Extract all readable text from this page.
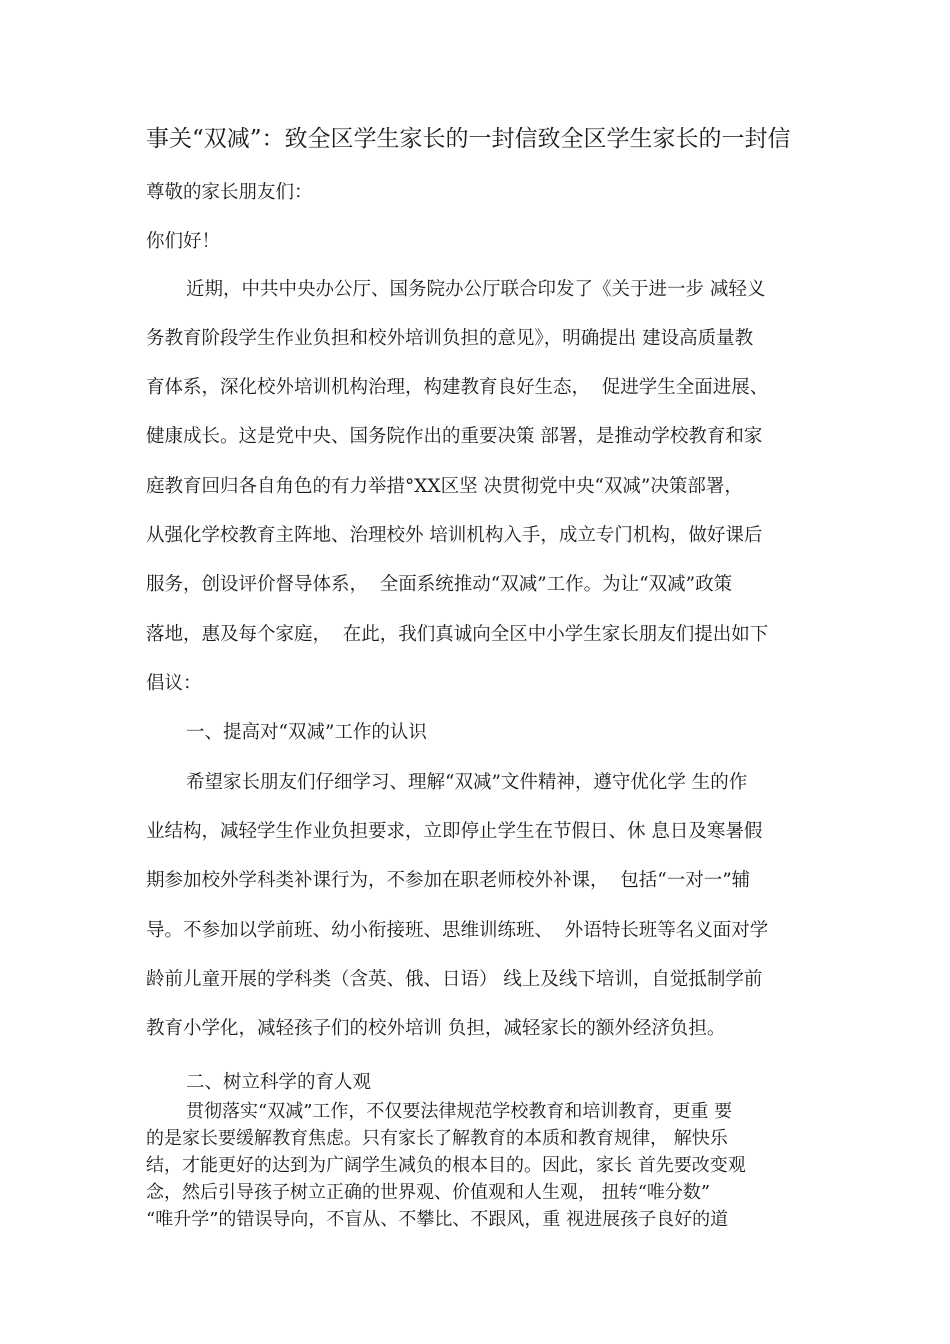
事关“双减”：致全区学生家长的一封信致全区学生家长的一封信
尊敬的家长朋友们：
你们好！
近期，中共中央办公厅、国务院办公厅联合印发了《关于进一步 减轻义
务教育阶段学生作业负担和校外培训负担的意见》，明确提出 建设高质量教
育体系，深化校外培训机构治理，构建教育良好生态，  促进学生全面进展、
健康成长。这是党中央、国务院作出的重要决策 部署，是推动学校教育和家
庭教育回归各自角色的有力举措°XX区坚 决贯彻党中央“双减”决策部署，
从强化学校教育主阵地、治理校外 培训机构入手，成立专门机构，做好课后
服务，创设评价督导体系，  全面系统推动“双减”工作。为让“双减”政策
落地，惠及每个家庭，  在此，我们真诚向全区中小学生家长朋友们提出如下
倡议：
一、提高对“双减”工作的认识
希望家长朋友们仔细学习、理解“双减”文件精神，遵守优化学 生的作
业结构，减轻学生作业负担要求，立即停止学生在节假日、休 息日及寒暑假
期参加校外学科类补课行为，不参加在职老师校外补课，  包括“一对一”辅
导。不参加以学前班、幼小衔接班、思维训练班、  外语特长班等名义面对学
龄前儿童开展的学科类（含英、俄、日语） 线上及线下培训，自觉抵制学前
教育小学化，减轻孩子们的校外培训 负担，减轻家长的额外经济负担。
二、树立科学的育人观

贯彻落实“双减”工作，不仅要法律规范学校教育和培训教育，更重 要

的是家长要缓解教育焦虑。只有家长了解教育的本质和教育规律， 解快乐

结，才能更好的达到为广阔学生减负的根本目的。因此，家长 首先要改变观

念，然后引导孩子树立正确的世界观、价值观和人生观， 扭转“唯分数”

“唯升学”的错误导向，不盲从、不攀比、不跟风，重 视进展孩子良好的道
